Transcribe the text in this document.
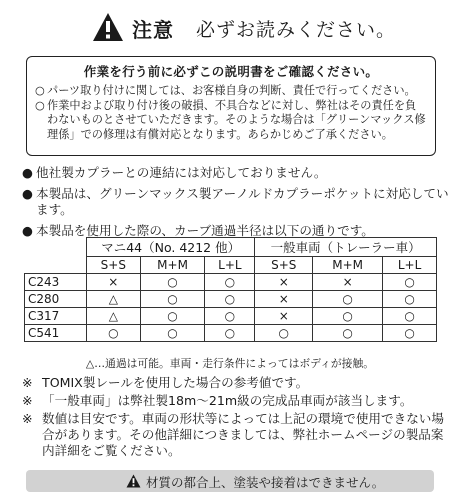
注意 必ずお読みください。
作業を行う前に必ずこの説明書をご確認ください。
○ パーツ取り付けに関しては、お客様自身の判断、責任で行ってください。
○ 作業中および取り付け後の破損、不具合などに対し、弊社はその責任を負わないものとさせていただきます。そのような場合は「グリーンマックス修理係」での修理は有償対応となります。あらかじめご了承ください。
● 他社製カプラーとの連結には対応しておりません。
● 本製品は、グリーンマックス製アーノルドカプラーポケットに対応しています。
● 本製品を使用した際の、カーブ通過半径は以下の通りです。
	マニ44（No. 4212 他）			一般車両（トレーラー車）		
	S+S	M+M	L+L	S+S	M+M	L+L
C243	×	○	○	×	×	○
C280	△	○	○	×	○	○
C317	△	○	○	×	○	○
C541	○	○	○	○	○	○
△…通過は可能。車両・走行条件によってはボディが接触。
※ TOMIX製レールを使用した場合の参考値です。
※ 「一般車両」は弊社製18m～21m級の完成品車両が該当します。
※ 数値は目安です。車両の形状等によっては上記の環境で使用できない場合があります。その他詳細につきましては、弊社ホームページの製品案内詳細をご覧ください。
材質の都合上、塗装や接着はできません。
